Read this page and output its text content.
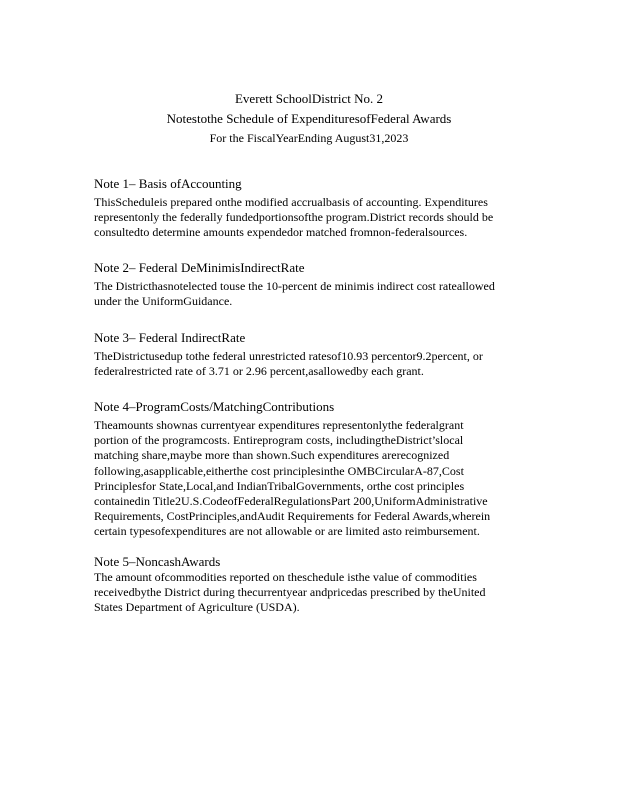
Everett SchoolDistrict No. 2
Notestothe Schedule of ExpendituresofFederal Awards
For the FiscalYearEnding August31,2023
Note 1– Basis ofAccounting

ThisScheduleis prepared onthe modified accrualbasis of accounting. Expenditures
representonly the federally fundedportionsofthe program.District records should be
consultedto determine amounts expendedor matched fromnon-federalsources.

Note 2– Federal DeMinimisIndirectRate

The Districthasnotelected touse the 10-percent de minimis indirect cost rateallowed
under the UniformGuidance.

Note 3– Federal IndirectRate

TheDistrictusedup tothe federal unrestricted ratesof10.93 percentor9.2percent, or
federalrestricted rate of 3.71 or 2.96 percent,asallowedby each grant.

Note 4–ProgramCosts/MatchingContributions

Theamounts shownas currentyear expenditures representonlythe federalgrant
portion of the programcosts. Entireprogram costs, includingtheDistrict’slocal
matching share,maybe more than shown.Such expenditures arerecognized
following,asapplicable,eitherthe cost principlesinthe OMBCircularA-87,Cost
Principlesfor State,Local,and IndianTribalGovernments, orthe cost principles
containedin Title2U.S.CodeofFederalRegulationsPart 200,UniformAdministrative
Requirements, CostPrinciples,andAudit Requirements for Federal Awards,wherein
certain typesofexpenditures are not allowable or are limited asto reimbursement.

Note 5–NoncashAwards

The amount ofcommodities reported on theschedule isthe value of commodities
receivedbythe District during thecurrentyear andpricedas prescribed by theUnited
States Department of Agriculture (USDA).
